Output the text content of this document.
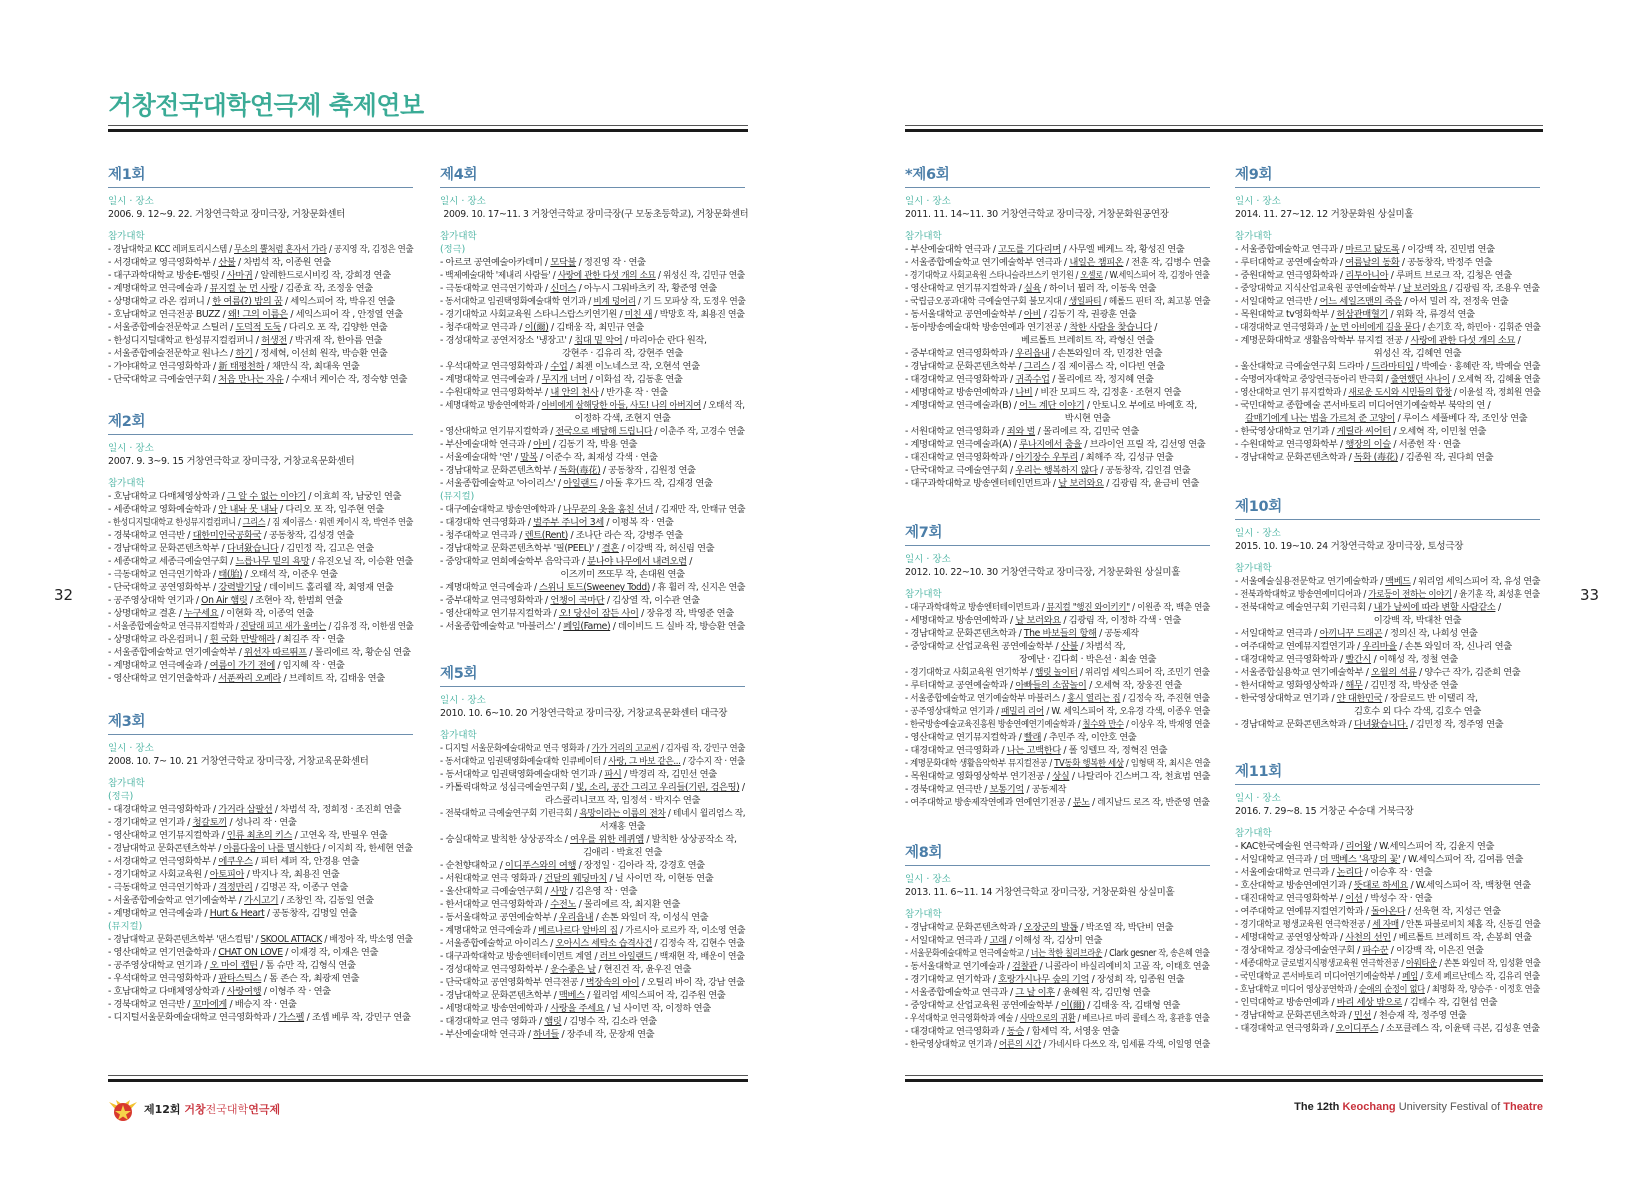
거창전국대학연극제 축제연보
32	33
제1회
일시 · 장소
2006. 9. 12~9. 22. 거창연극학교 장미극장, 거창문화센터
참가대학
- 경남대학교 KCC 레퍼토리시스템 / 무소의 뿔처럼 혼자서 가라 / 공지영 작, 김정은 연출
- 서경대학교 영극영화학부 / 산불 / 차범석 작, 이종원 연출
- 대구과학대학교 방송E-햄릿 / 사마귀 / 알레한드로시비킹 작, 강희경 연출
- 계명대학교 연극예술과 / 뮤지컬 눈 먼 사랑 / 김종효 작, 조정웅 연출
- 상명대학교 라온 컴퍼니 / 한 여름(?) 밤의 꿈 / 세익스피어 작, 박유진 연출
- 호남대학교 연극전공 BUZZ / 왜! 그의 이름은 / 세익스피어 작 , 안정열 연출
- 서울종합예술전문학교 스틸러 / 도덕적 도둑 / 다리오 포 작, 김양한 연출
- 한성디지털대학교 한성뮤지컬컴퍼니 / 허생전 / 박귀재 작, 한아름 연출
- 서울종합예술전문학교 원나스 / 하기 / 정세혁, 이선희 원작, 박승환 연출
- 가야대학교 연극영화학과 / 新 태평천하 / 채만식 작, 최대욱 연출
- 단국대학교 극예술연구회 / 처음 만나는 자유 / 수재너 케이슨 작, 정숙향 연출
제2회
일시 · 장소
2007. 9. 3~9. 15 거창연극학교 장미극장, 거창교육문화센터
참가대학
- 호남대학교 다매체영상학과 / 그 알 수 없는 이야기 / 이효희 작, 남궁인 연출
- 세종대학교 영화예술학과 / 안 내놔 못 내놔 / 다리오 포 작, 임주현 연출
- 한성디지털대학교 한성뮤지컬컴퍼니 / 그리스 / 짐 제이콥스 · 워렌 케이시 작, 박연주 연출
- 경북대학교 연극반 / 대한미인국공화국 / 공동창작, 김성경 연출
- 경남대학교 문화콘텐츠학부 / 다녀왔습니다 / 김민정 작, 김고은 연출
- 세종대학교 세종극예술연구회 / 느릅나무 밑의 욕망 / 유진오닐 작, 이승환 연출
- 극동대학교 연극연기학과 / 태(胎) / 오태석 작, 이준우 연출
- 단국대학교 공연영화학부 / 강력발기당 / 데이비드 홀리웰 작, 최영재 연출
- 공주영상대학 연기과 / On Air 햄릿 / 조현아 작, 한범희 연출
- 상명대학교 결혼 / 누구세요 / 이현화 작, 이종억 연출
- 서울종합예술학교 연극뮤지컬학과 / 진달래 피고 새가 울며는 / 김유정 작, 이한샘 연출
- 상명대학교 라온컴퍼니 / 흰 국화 만발해라 / 최길주 작 · 연출
- 서울종합예술학교 연기예술학부 / 위선자 따르뛰프 / 몰리에르 작, 황순심 연출
- 계명대학교 연극예술과 / 여름이 가기 전에 / 임지혜 작 · 연출
- 영산대학교 연기연출학과 / 서푼짜리 오페라 / 브레히트 작, 김태웅 연출
제3회
일시 · 장소
2008. 10. 7~ 10. 21 거창연극학교 장미극장, 거창교육문화센터
참가대학
(정극)
- 대경대학교 연극영화학과 / 가거라 삼팔선 / 차범석 작, 정희정 · 조진희 연출
- 경기대학교 연기과 / 청갈토끼 / 성나리 작 · 연출
- 영산대학교 연기뮤지컬학과 / 인류 최초의 키스 / 고연옥 작, 반필우 연출
- 경남대학교 문화콘텐츠학부 / 아름다움이 나를 멸시한다 / 이지희 작, 한세현 연출
- 서경대학교 연극영화학부 / 에쿠우스 / 피터 셰퍼 작, 안경용 연출
- 경기대학교 사회교육원 / 아토피아 / 박지나 작, 최용진 연출
- 극동대학교 연극연기학과 / 격정만리 / 김명곤 작, 이종구 연출
- 서울종합예술학교 연기예술학부 / 가시고기 / 조창인 작, 김동일 연출
- 계명대학교 연극예술과 / Hurt & Heart / 공동창작, 김명일 연출
(뮤지컬)
- 경남대학교 문화콘텐츠학부 '댄스컬팀' / SKOOL ATTACK / 배정아 작, 박소영 연출
- 영산대학교 연기연출학과 / CHAT ON LOVE / 이재경 작, 이재은 연출
- 공주영상대학교 연기과 / 오 마이 캡틴 / 톰 슈만 작, 김형식 연출
- 우석대학교 연극영화학과 / 판타스틱스 / 톰 존슨 작, 최광제 연출
- 호남대학교 다매체영상학과 / 사랑여행 / 이형주 작 · 연출
- 경북대학교 연극반 / 꼬마에게 / 배승지 작 · 연출
- 디지털서울문화예술대학교 연극영화학과 / 가스펠 / 조셉 베루 작, 강민구 연출
제4회
일시 · 장소
2009. 10. 17~11. 3 거창연극학교 장미극장(구 모동초등학교), 거창문화센터
참가대학
(정극)
- 아르코 공연예술아카데미 / 모닥불 / 정진영 작 · 연출
- 백제예술대학 '제내리 사람들' / 사랑에 관한 다섯 개의 소묘 / 위성신 작, 김민규 연출
- 극동대학교 연극연기학과 / 신더스 / 아누시 그워바츠키 작, 황준영 연출
- 동서대학교 임권택영화예술대학 연기과 / 비계 덩어리 / 기 드 모파상 작, 도정우 연출
- 경기대학교 사회교육원 스타니스랍스키연기원 / 미친 새 / 박망호 작, 최용진 연출
- 청주대학교 연극과 / 이(爾) / 김태웅 작, 최민규 연출
- 경성대학교 공연저장소 '냉장고' / 침대 밑 악어 / 마리아순 란다 원작,
강현주 · 김유리 작, 강현주 연출
- 우석대학교 연극영화학과 / 수업 / 최젠 이노네스코 작, 오현석 연출
- 계명대학교 연극예술과 / 무지개 너머 / 이화섭 작, 김동훈 연출
- 수원대학교 연극영화학부 / 내 안의 천사 / 반가훈 작 · 연출
- 세명대학교 방송연예학과 / 아비에게 살해당한 아들, 사도! 나의 아버지여 / 오태석 작,
이정하 각색, 조현지 연출
- 영산대학교 연기뮤지컬학과 / 전국으로 배달해 드립니다 / 이춘주 작, 고경수 연출
- 부산예술대학 연극과 / 아비 / 김동기 작, 박용 연출
- 서울예술대학 '연' / 말복 / 이준수 작, 최재성 각색 · 연출
- 경남대학교 문화콘텐츠학부 / 독화(毒花) / 공동창작 , 김원정 연출
- 서울종합예술학교 '아이리스' / 아일랜드 / 아돌 후가드 작, 김재경 연출
(뮤지컬)
- 대구예술대학교 방송연예학과 / 나무꾼의 옷을 훔친 선녀 / 김재만 작, 안태규 연출
- 대경대학 연극영화과 / 벌주부 주니어 3세 / 이평복 작 · 연출
- 청주대학교 연극과 / 렌트(Rent) / 조나단 라슨 작, 강병주 연출
- 경남대학교 문화콘텐츠학부 '필(PEEL)' / 결혼 / 이강백 작, 허신림 연출
- 중앙대학교 연희예술학부 음악극과 / 분나야 나무에서 내려오렴 /
이즈끼미 쯔또무 작, 손대원 연출
- 계명대학교 연극예술과 / 스위니 토드(Sweeney Todd) / 휴 휠러 작, 신지은 연출
- 중부대학교 연극영화학과 / 언챙이 곡마단 / 김상열 작, 이수관 연출
- 영산대학교 연기뮤지컬학과 / 오! 당신이 잠든 사이 / 장유정 작, 박영준 연출
- 서울종합예술학교 '마블러스' / 페임(Fame) / 데이비드 드 실바 작, 방승환 연출
제5회
일시 · 장소
2010. 10. 6~10. 20 거창연극학교 장미극장, 거창교육문화센터 대극장
참가대학
- 디지털 서울문화예술대학교 연극 영화과 / 가가 거리의 고교씨 / 김자림 작, 강민구 연출
- 동서대학교 임권택영화예술대학 인큐베이터 / 사랑, 그 바보 같은... / 강수지 작 · 연출
- 동서대학교 임권택영화예술대학 연기과 / 파시 / 박경리 작, 김민선 연출
- 카톨릭대학교 성심극예술연구회 / 빛, 소리, 공간 그리고 우리들(기린, 검은띵) /
라스콜리니코프 작, 임정석 · 박지수 연출
- 전북대학교 극예술연구회 기린극회 / 욕망이라는 이름의 전차 / 테네시 윌리엄스 작,
서재홍 연출
- 숭실대학교 발칙한 상상공작소 / 여우를 위한 레퀴엠 / 발칙한 상상공작소 작,
김애리 · 박효진 연출
- 순천향대학교 / 이디푸스와의 여행 / 장정일 · 김아라 작, 강경호 연출
- 서원대학교 연극 영화과 / 건달의 웨딩마치 / 닐 사이먼 작, 이현동 연출
- 울산대학교 극예술연구회 / 사망 / 김은영 작 · 연출
- 한서대학교 연극영화학과 / 수전노 / 몰리에르 작, 최지환 연출
- 동서울대학교 공연예술학부 / 우리읍내 / 손톤 와일더 작, 이성식 연출
- 계명대학교 연극예술과 / 베르나르다 알바의 집 / 가르시아 로르카 작, 이소영 연출
- 서울종합예술학교 아이리스 / 오아시스 세탁소 습격사건 / 김정숙 작, 김현수 연출
- 대구과학대학교 방송엔터테이먼트 계열 / 러브 아일랜드 / 백재현 작, 배운이 연출
- 경성대학교 연극영화학부 / 운수좋은 날 / 현진건 작, 윤우진 연출
- 단국대학교 공연영화학부 연극전공 / 벽장속의 아이 / 오틸리 바이 작, 강남 연출
- 경남대학교 문화콘텐츠학부 / 맥베스 / 윌리엄 셰익스피어 작, 김주원 연출
- 세명대학교 방송연예학과 / 사랑을 주세요 / 닐 사이먼 작, 이정하 연출
- 대경대학교 연극 영화과 / 햄릿 / 김명수 작, 김소라 연출
- 부산예술대학 연극과 / 하녀들 / 장주네 작, 문장재 연출
*제6회
일시 · 장소
2011. 11. 14~11. 30 거창연극학교 장미극장, 거창문화원공연장
참가대학
- 부산예술대학 연극과 / 고도를 기다리며 / 사무엘 베케느 작, 황성진 연출
- 서울종합예술학교 연기예술학부 연극과 / 내일은 챔피온 / 전훈 작, 김병수 연출
- 경기대학교 사회교육원 스타니슬라브스키 연기원 / 오셀로 / W.세익스피어 작, 김정아 연출
- 영산대학교 연기뮤지컬학과 / 실육 / 하이너 뮐러 작, 이동욱 연출
- 국립금오공과대학 극예술연구회 불모지대 / 생일파티 / 헤롤드 핀터 작, 최고봉 연출
- 동서울대학교 공연예술학부 / 아비 / 김동기 작, 권광훈 연출
- 동아방송예술대학 방송연예과 연기전공 / 착한 사람을 찾습니다 /
베르톨트 브레히트 작, 곽형신 연출
- 중부대학교 연극영화학과 / 우리읍내 / 손톤와일더 작, 민경찬 연출
- 경남대학교 문화콘텐츠학부 / 그리스 / 짐 제이콥스 작, 이다빈 연출
- 대경대학교 연극영화학과 / 귀족수업 / 몰리에르 작, 정지혜 연출
- 세명대학교 방송연예학과 / 나비 / 비잔 모피드 작, 김정훈 · 조현지 연출
- 계명대학교 연극예술과(B) / 어느 계단 이야기 / 안토니오 부에로 바예호 작,
박시현 연출
- 서원대학교 연극영화과 / 죄와 벌 / 몰리에르 작, 김민국 연출
- 계명대학교 연극예술과(A) / 루나지에서 춤을 / 브라이언 프릴 작, 김선영 연출
- 대진대학교 연극영화학과 / 아기장수 우투리 / 최해주 작, 김성규 연출
- 단국대학교 극예술연구회 / 우리는 행복하지 않다 / 공동창작, 김인겸 연출
- 대구과학대학교 방송엔터테인먼트과 / 날 보러와요 / 김광림 작, 윤금비 연출
제7회
일시 · 장소
2012. 10. 22~10. 30 거창연극학교 장미극장, 거창문화원 상실미홀
참가대학
- 대구과학대학교 방송엔터테이먼트과 / 뮤지컬 "행진 와이키키" / 이원종 작, 백춘 연출
- 세명대학교 방송연예학과 / 날 보러와요 / 김광림 작, 이정하 각색 · 연출
- 경남대학교 문화콘텐츠학과 / The 바보들의 항해 / 공동제작
- 중앙대학교 산업교육원 공연예술학부 / 산불 / 차범석 작,
장예난 · 김다희 · 박은선 · 최솔 연출
- 경기대학교 사회교육원 연기학부 / 햄릿 놀이터 / 위리엄 세익스피어 작, 조민기 연출
- 루터대학교 공연예술학과 / 아빠들의 소꿉놀이 / 오세혁 작, 장웅진 연출
- 서울종합예술학교 연기예술학부 마블러스 / 홍시 열리는 집 / 김정숙 작, 주진현 연출
- 공주영상대학교 연기과 / 패밀리 리어 / W. 세익스피어 작, 오유경 각색, 이종우 연출
- 한국방송예술교육진흥원 방송연예연기예술학과 / 칠수와 만수 / 이상우 작, 박재영 연출
- 영산대학교 연기뮤지컬학과 / 빨래 / 추민주 작, 이안호 연출
- 대경대학교 연극영화과 / 나는 고백한다 / 폴 잉텔므 작, 정혁진 연출
- 계명문화대학 생활음악학부 뮤지컬전공 / TV동화 행복한 세상 / 임형택 작, 최시은 연출
- 목원대학교 영화영상학부 연기전공 / 상실 / 나탈리아 긴스버그 작, 천효범 연출
- 경북대학교 연극반 / 보통기억 / 공동제작
- 여주대학교 방송제작연예과 연예연기전공 / 분노 / 레지날드 로즈 작, 반준영 연출
제8회
일시 · 장소
2013. 11. 6~11. 14 거창연극학교 장미극장, 거창문화원 상실미홀
참가대학
- 경남대학교 문화콘텐츠학과 / 오장군의 발톱 / 박조열 작, 박단비 연출
- 서일대학교 연극과 / 고래 / 이해성 작, 김상미 연출
- 서울문화예술대학교 연극예술학교 / 너는 착한 칠리브라운 / Clark gesner 작, 송은혜 연출
- 동서울대학교 연기예술과 / 검찰관 / 니콜라이 바실리예비치 고골 작, 이태호 연출
- 경기대학교 연기학과 / 호랑가시나무 숲의 기억 / 장성희 작, 임종원 연출
- 서울종합예술학교 연극과 / 그 날 이후 / 윤혜원 작, 김민형 연출
- 중앙대학교 산업교육원 공연예술학부 / 이(爾) / 김태웅 작, 김태형 연출
- 우석대학교 연극영화학과 예술 / 사막으로의 귀환 / 베르나르 마리 콜테스 작, 홍관흥 연출
- 대경대학교 연극영화과 / 동승 / 함세덕 작, 서영웅 연출
- 한국영상대학교 연기과 / 어른의 시간 / 가네시타 다쓰오 작, 임세륜 각색, 이일영 연출
제9회
일시 · 장소
2014. 11. 27~12. 12 거창문화원 상실미홀
참가대학
- 서울종합예술학교 연극과 / 마르고 닳도록 / 이강백 작, 진민범 연출
- 루터대학교 공연예술학과 / 여름날의 동화 / 공동창작, 박정주 연출
- 중원대학교 연극영화학과 / 리투아니아 / 루퍼트 브로크 작, 김청은 연출
- 중앙대학교 지식산업교육원 공연예술학부 / 날 보러와요 / 김광림 작, 조용우 연출
- 서일대학교 연극반 / 어느 세일즈맨의 죽음 / 아서 밀러 작, 전정욱 연출
- 목원대학교 tv영화학부 / 허삼관매혈기 / 위화 작, 류경석 연출
- 대경대학교 연극영화과 / 눈 먼 아비에게 길을 묻다 / 손기호 작, 하민아 · 김휘준 연출
- 계명문화대학교 생활음악학부 뮤지컬 전공 / 사랑에 관한 다섯 개의 소묘 /
위성신 작, 김혜연 연출
- 울산대학교 극예술연구회 드라마 / 드라마티임 / 박예슬 · 홍혜란 작, 박예슬 연출
- 숙명여자대학교 중앙연극동아리 반극회 / 출연했던 사나이 / 오세혁 작, 김혜율 연출
- 영산대학교 연기 뮤지컬학과 / 새로운 도시와 시민들의 합창 / 이윤설 작, 정희원 연출
- 국민대학교 종합예술 콘서바토리 미디어연기예술학부 북악의 연 /
갈매기에게 나는 법을 가르쳐 준 고양이 / 루이스 세풀베다 작, 조인상 연출
- 한국영상대학교 연기과 / 게릴라 씨어터 / 오세혁 작, 이민철 연출
- 수원대학교 연극영화학부 / 행장의 이슬 / 서종헌 작 · 연출
- 경남대학교 문화콘텐츠학과 / 독화 (毒花) / 김종원 작, 권다희 연출
제10회
일시 · 장소
2015. 10. 19~10. 24 거창연극학교 장미극장, 토성극장
참가대학
- 서울예술실용전문학교 연기예술학과 / 맥베드 / 워리엄 세익스피어 작, 유성 연출
- 전북과학대학교 방송연예미디어과 / 가로등이 전하는 이야기 / 윤기훈 작, 최성훈 연출
- 전북대학교 예술연구회 기린극회 / 내가 날씨에 따라 변할 사람같소 /
이강백 작, 박대찬 연출
- 서일대학교 연극과 / 아끼니꾸 드래곤 / 정의신 작, 나희성 연출
- 여주대학교 연예뮤지컬연기과 / 우리마을 / 손톤 와일더 작, 신나리 연출
- 대경대학교 연극영화학과 / 빨간시 / 이해성 작, 정철 연출
- 서울종합실용학교 연기예술학부 / 오월의 석류 / 양수근 작가, 김준희 연출
- 한서대학교 영화영상학과 / 해무 / 김민정 작, 박상준 연출
- 한국영상대학교 연기과 / 얀 대한민국 / 장끌로드 반 이탤리 작,
김호수 외 다수 각색, 김호수 연출
- 경남대학교 문화콘텐츠학과 / 다녀왔습니다. / 김민정 작, 정주영 연출
제11회
일시 · 장소
2016. 7. 29~8. 15 거창군 수승대 거북극장
참가대학
- KAC한국예술원 연극학과 / 리어왕 / W.세익스피어 작, 김윤지 연출
- 서일대학교 연극과 / 더 맥베스 '욕망의 꽃' / W.세익스피어 작, 김여름 연출
- 서울예술대학교 연극과 / 논리다 / 이승후 작 · 연출
- 호산대학교 방송연예연기과 / 뜻대로 하세요 / W.세익스피어 작, 백창현 연출
- 대진대학교 연극영화학부 / 이선 / 박성수 작 · 연출
- 여주대학교 연예뮤지컬연기학과 / 돌아온다 / 선욱현 작, 지성근 연출
- 경기대학교 평생교육원 연극학전공 / 세 자매 / 안톤 파블로비치 체홉 작, 신동길 연출
- 세명대학교 공연영상학과 / 사천의 선인 / 베르톨트 브레히트 작, 손봉희 연출
- 경상대학교 경상극예술연구회 / 파수꾼 / 이강백 작, 이은진 연출
- 세종대학교 글로벌지식평생교육원 연극학전공 / 아워타운 / 쏜톤 와일더 작, 임성환 연출
- 국민대학교 콘서바토리 미디어연기예술학부 / 페임 / 호세 페르난데스 작, 김유리 연출
- 호남대학교 미디어 영상공연학과 / 순애의 순정이 없다 / 최명화 작, 양승주 · 이정호 연출
- 인덕대학교 방송연예과 / 바리 세상 밖으로 / 김태수 작, 김현섭 연출
- 경남대학교 문화콘텐츠학과 / 민선 / 천승재 작, 정주영 연출
- 대경대학교 연극영화과 / 오이디푸스 / 소포클레스 작, 이윤택 극본, 김성훈 연출
제12회 거창전국대학연극제	The 12th Keochang University Festival of Theatre
